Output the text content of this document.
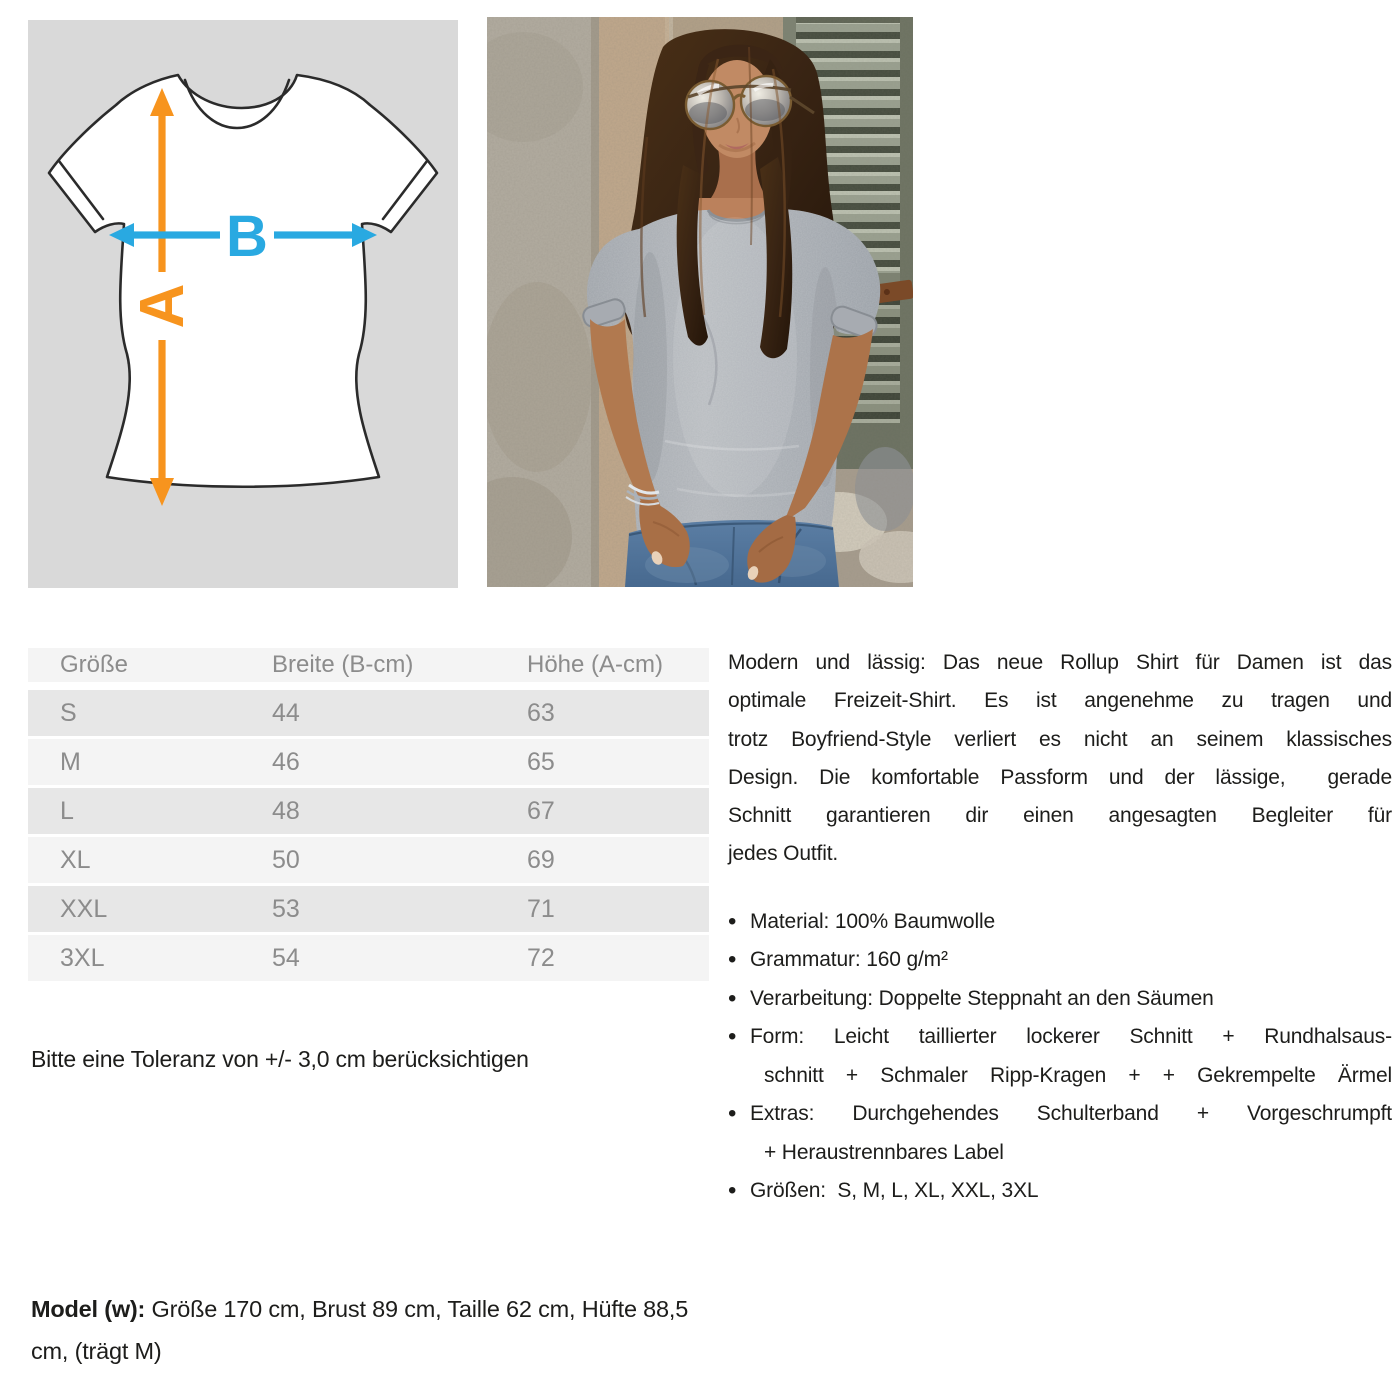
A
B
Größe	Breite (B-cm)	Höhe (A-cm)
S	44	63
M	46	65
L	48	67
XL	50	69
XXL	53	71
3XL	54	72

Bitte eine Toleranz von +/- 3,0 cm berücksichtigen

Modern und lässig: Das neue Rollup Shirt für Damen ist das
optimale Freizeit-Shirt. Es ist angenehme zu tragen und
trotz Boyfriend-Style verliert es nicht an seinem klassisches
Design. Die komfortable Passform und der lässige,  gerade
Schnitt garantieren dir einen angesagten Begleiter für
jedes Outfit.
• Material: 100% Baumwolle
• Grammatur: 160 g/m²
• Verarbeitung: Doppelte Steppnaht an den Säumen
• Form: Leicht taillierter lockerer Schnitt + Rundhalsaus-
schnitt + Schmaler Ripp-Kragen + + Gekrempelte Ärmel
• Extras: Durchgehendes Schulterband + Vorgeschrumpft
+ Heraustrennbares Label
• Größen:  S, M, L, XL, XXL, 3XL

Model (w): Größe 170 cm, Brust 89 cm, Taille 62 cm, Hüfte 88,5 cm, (trägt M)
